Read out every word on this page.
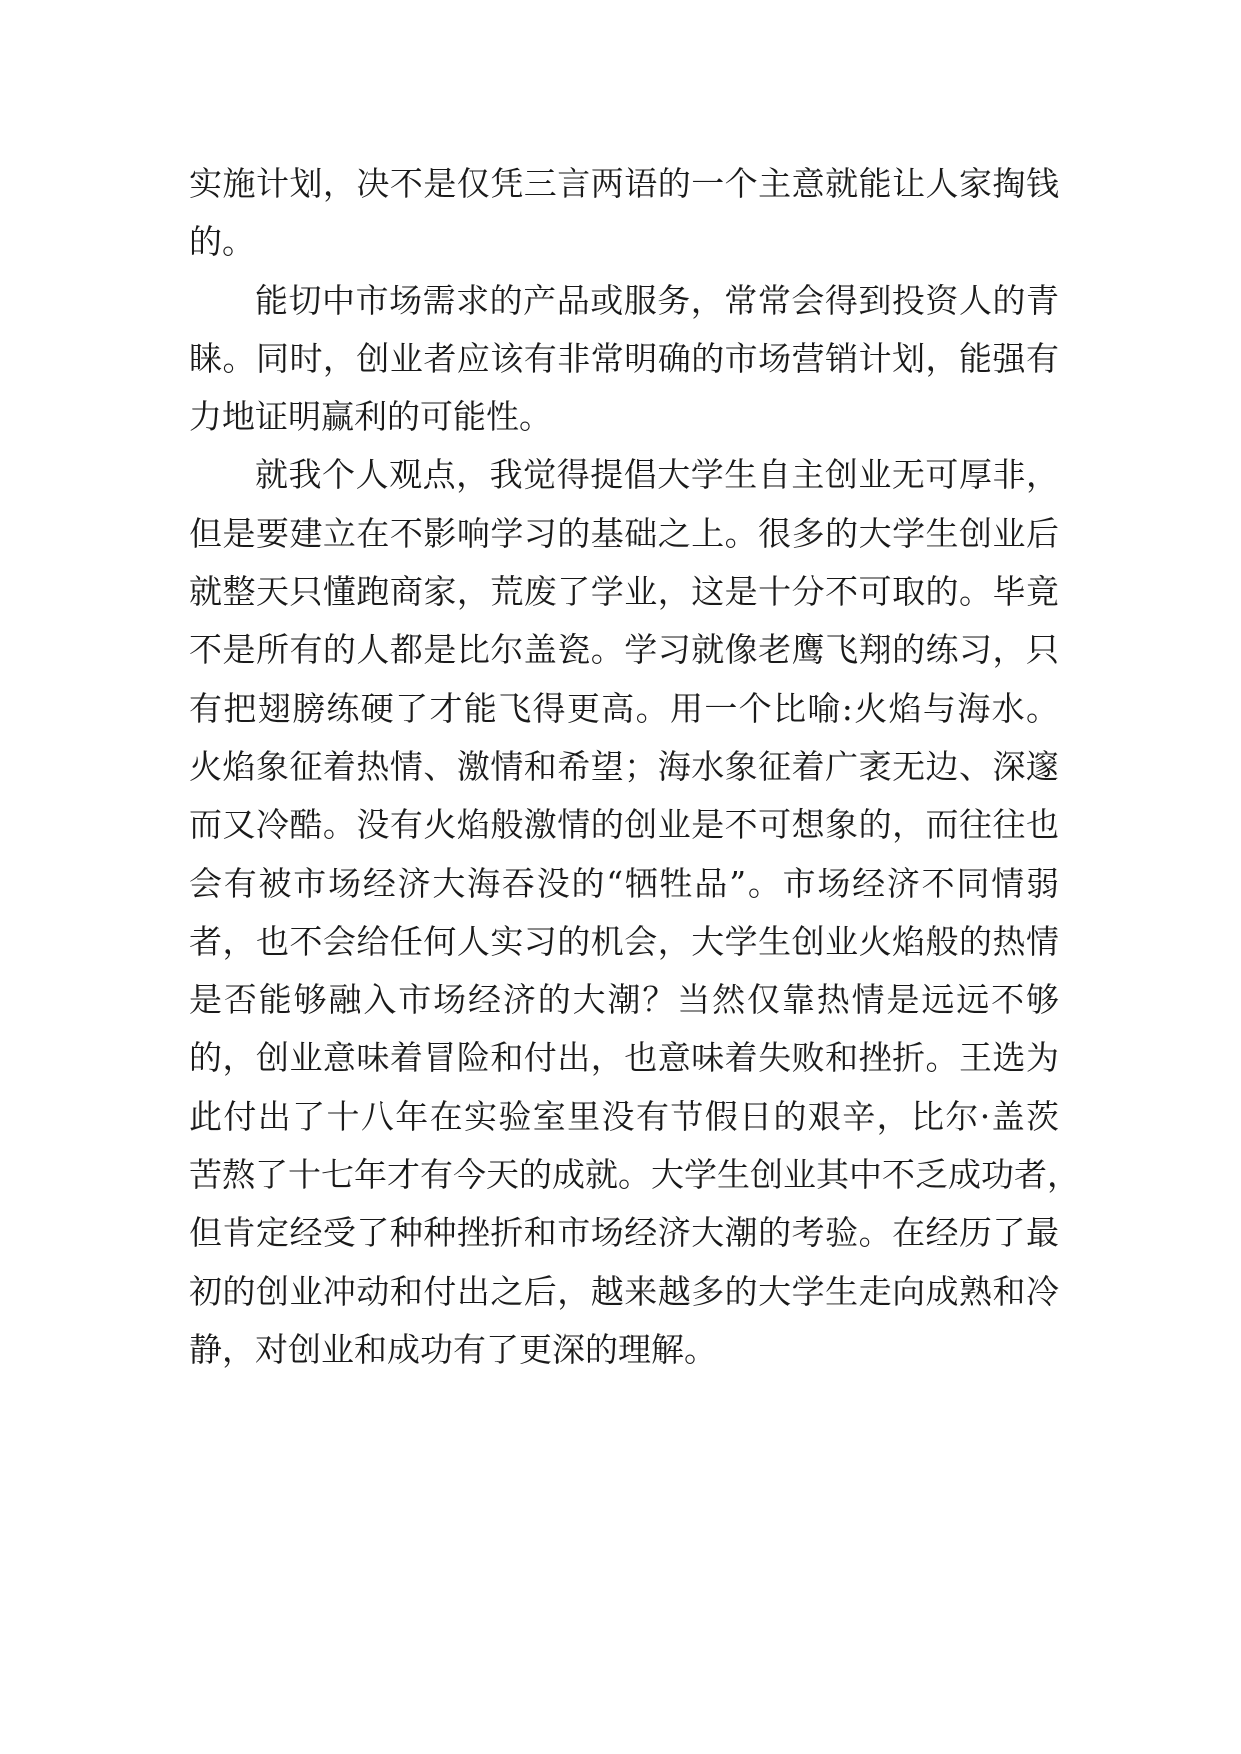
实施计划，决不是仅凭三言两语的一个主意就能让人家掏钱
的。
能切中市场需求的产品或服务，常常会得到投资人的青
睐。同时，创业者应该有非常明确的市场营销计划，能强有
力地证明赢利的可能性。
就我个人观点，我觉得提倡大学生自主创业无可厚非，
但是要建立在不影响学习的基础之上。很多的大学生创业后
就整天只懂跑商家，荒废了学业，这是十分不可取的。毕竟
不是所有的人都是比尔盖瓷。学习就像老鹰飞翔的练习，只
有把翅膀练硬了才能飞得更高。用一个比喻:火焰与海水。
火焰象征着热情、激情和希望；海水象征着广袤无边、深邃
而又冷酷。没有火焰般激情的创业是不可想象的，而往往也
会有被市场经济大海吞没的“牺牲品”。市场经济不同情弱
者，也不会给任何人实习的机会，大学生创业火焰般的热情
是否能够融入市场经济的大潮？当然仅靠热情是远远不够
的，创业意味着冒险和付出，也意味着失败和挫折。王选为
此付出了十八年在实验室里没有节假日的艰辛，比尔·盖茨
苦熬了十七年才有今天的成就。大学生创业其中不乏成功者，
但肯定经受了种种挫折和市场经济大潮的考验。在经历了最
初的创业冲动和付出之后，越来越多的大学生走向成熟和冷
静，对创业和成功有了更深的理解。
